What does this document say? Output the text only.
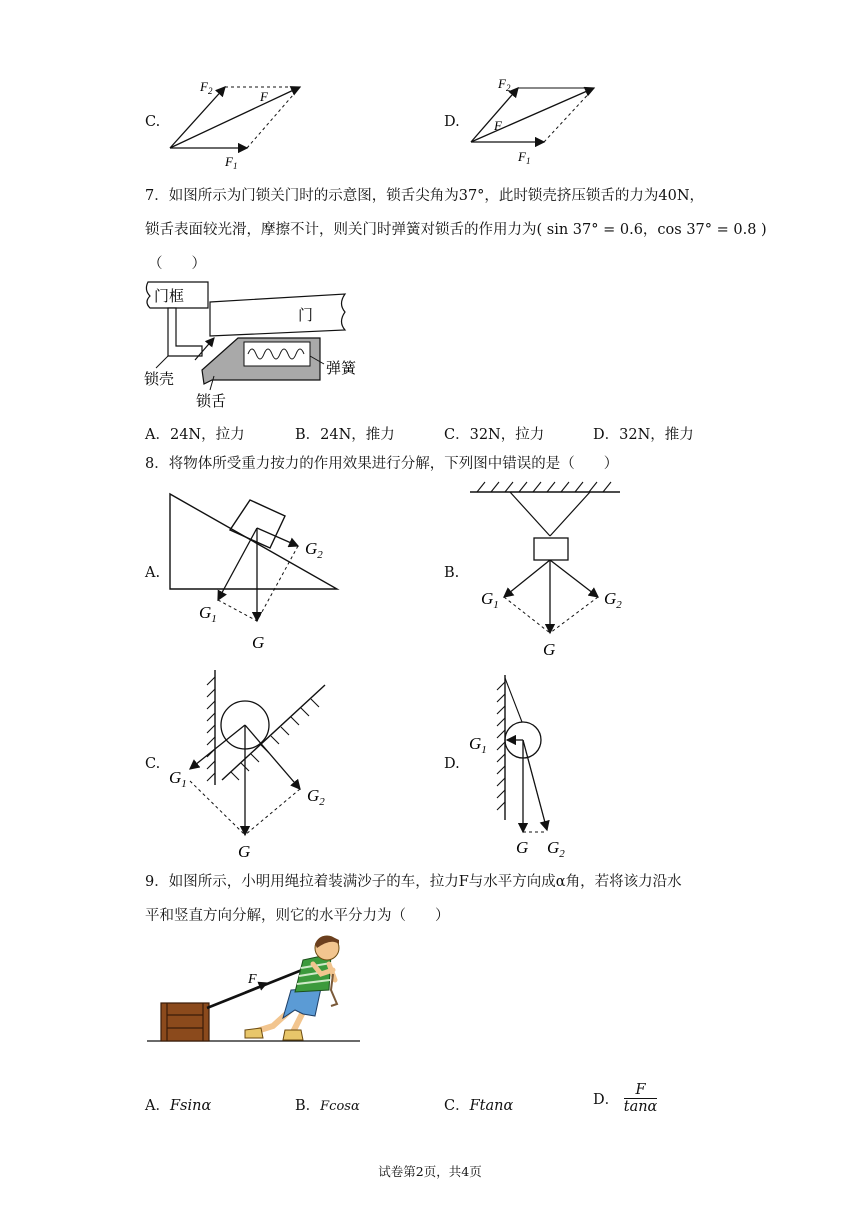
C.
$F_2$	F
$F_1$
D.
$F_2$
F
$F_1$
7．如图所示为门锁关门时的示意图，锁舌尖角为37°，此时锁壳挤压锁舌的力为40N，
锁舌表面较光滑，摩擦不计，则关门时弹簧对锁舌的作用力为( sin 37° = 0.6，cos 37° = 0.8 )
（　　）
门框
门
弹簧
锁壳
锁舌
A．24N，拉力	B．24N，推力	C．32N，拉力	D．32N，推力
8．将物体所受重力按力的作用效果进行分解，下列图中错误的是（　　）
A.
$G_2$
$G_1$
G
B.
$G_1$	$G_2$
G
C.
$G_1$
$G_2$
G
D.
$G_1$
G $G_2$
9．如图所示，小明用绳拉着装满沙子的车，拉力F与水平方向成α角，若将该力沿水
平和竖直方向分解，则它的水平分力为（　　）
F
A．Fsinα	B．Fcosα	C．Ftanα	D． $\frac{F}{\tan\alpha}$
试卷第2页，共4页
